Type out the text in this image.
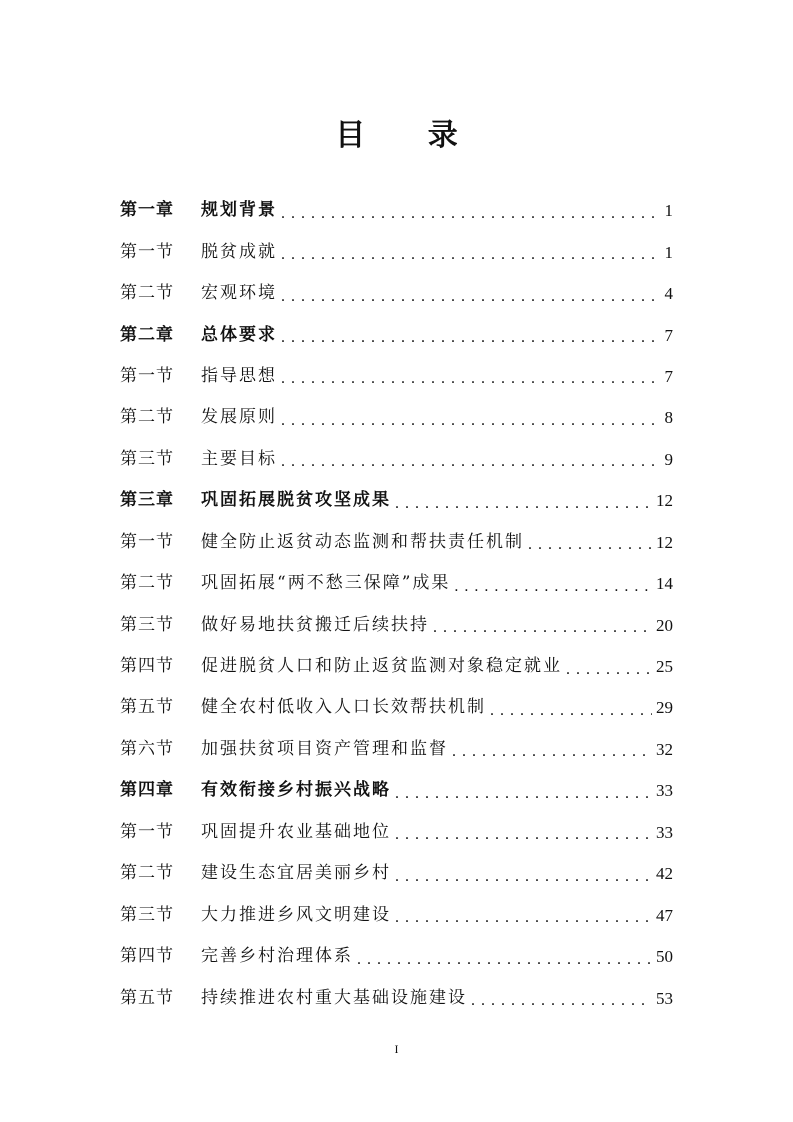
目 录
第一章	规划背景 . . .	1
第一节	脱贫成就 . . .	1
第二节	宏观环境 . . .	4
第二章	总体要求 . . .	7
第一节	指导思想 . . .	7
第二节	发展原则 . . .	8
第三节	主要目标 . . .	9
第三章	巩固拓展脱贫攻坚成果 . . .	12
第一节	健全防止返贫动态监测和帮扶责任机制 . . .	12
第二节	巩固拓展“两不愁三保障”成果 . . .	14
第三节	做好易地扶贫搬迁后续扶持 . . .	20
第四节	促进脱贫人口和防止返贫监测对象稳定就业 . . .	25
第五节	健全农村低收入人口长效帮扶机制 . . .	29
第六节	加强扶贫项目资产管理和监督 . . .	32
第四章	有效衔接乡村振兴战略 . . .	33
第一节	巩固提升农业基础地位 . . .	33
第二节	建设生态宜居美丽乡村 . . .	42
第三节	大力推进乡风文明建设 . . .	47
第四节	完善乡村治理体系 . . .	50
第五节	持续推进农村重大基础设施建设 . . .	53
I
